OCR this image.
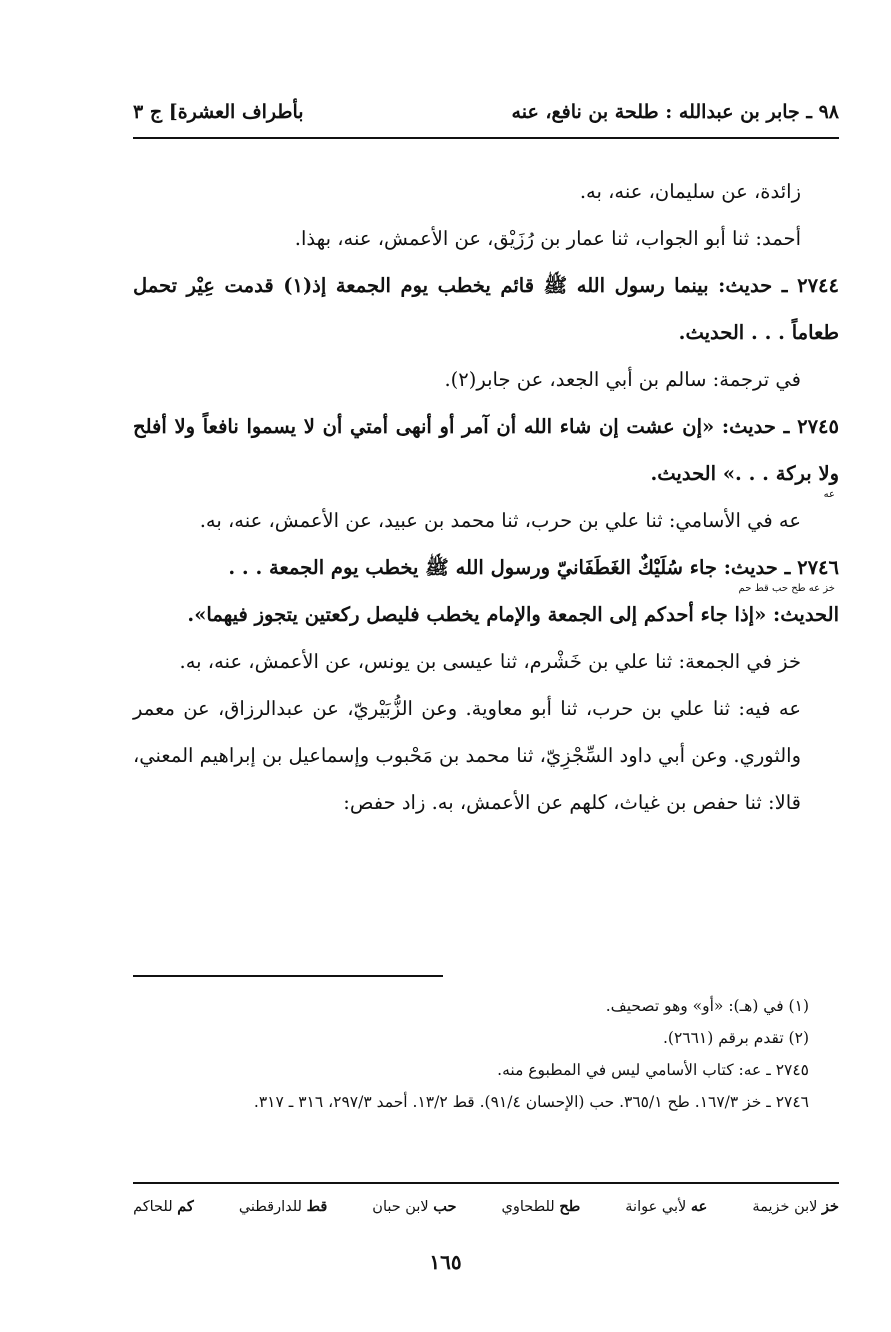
٩٨ ـ جابر بن عبدالله : طلحة بن نافع، عنه
بأطراف العشرة] ج ٣

زائدة، عن سليمان، عنه، به.

أحمد: ثنا أبو الجواب، ثنا عمار بن رُزَيْق، عن الأعمش، عنه، بهذا.

٢٧٤٤ ـ حديث: بينما رسول الله ﷺ قائم يخطب يوم الجمعة إذ(١) قدمت عِيْر تحمل طعاماً . . . الحديث.

في ترجمة: سالم بن أبي الجعد، عن جابر(٢).

٢٧٤٥ ـ حديث: «إن عشت إن شاء الله أن آمر أو أنهى أمتي أن لا يسموا نافعاً ولا أفلح ولا بركة . . .» الحديث.

عه

عه في الأسامي: ثنا علي بن حرب، ثنا محمد بن عبيد، عن الأعمش، عنه، به.

٢٧٤٦ ـ حديث: جاء سُلَيْكٌ الغَطَفَانيّ ورسول الله ﷺ يخطب يوم الجمعة . . .

خز عه طح حب قط حم

الحديث: «إذا جاء أحدكم إلى الجمعة والإمام يخطب فليصل ركعتين يتجوز فيهما».

خز في الجمعة: ثنا علي بن خَشْرم، ثنا عيسى بن يونس، عن الأعمش، عنه، به.

عه فيه: ثنا علي بن حرب، ثنا أبو معاوية. وعن الزُّبَيْريّ، عن عبدالرزاق، عن معمر والثوري. وعن أبي داود السِّجْزِيّ، ثنا محمد بن مَحْبوب وإسماعيل بن إبراهيم المعني، قالا: ثنا حفص بن غياث، كلهم عن الأعمش، به. زاد حفص:

(١) في (هـ): «أو» وهو تصحيف.

(٢) تقدم برقم (٢٦٦١).

٢٧٤٥ ـ عه: كتاب الأسامي ليس في المطبوع منه.

٢٧٤٦ ـ خز ١٦٧/٣. طح ٣٦٥/١. حب (الإحسان ٩١/٤). قط ١٣/٢. أحمد ٢٩٧/٣، ٣١٦ ـ ٣١٧.

خز لابن خزيمة
عه لأبي عوانة
طح للطحاوي
حب لابن حبان
قط للدارقطني
كم للحاكم
١٦٥
